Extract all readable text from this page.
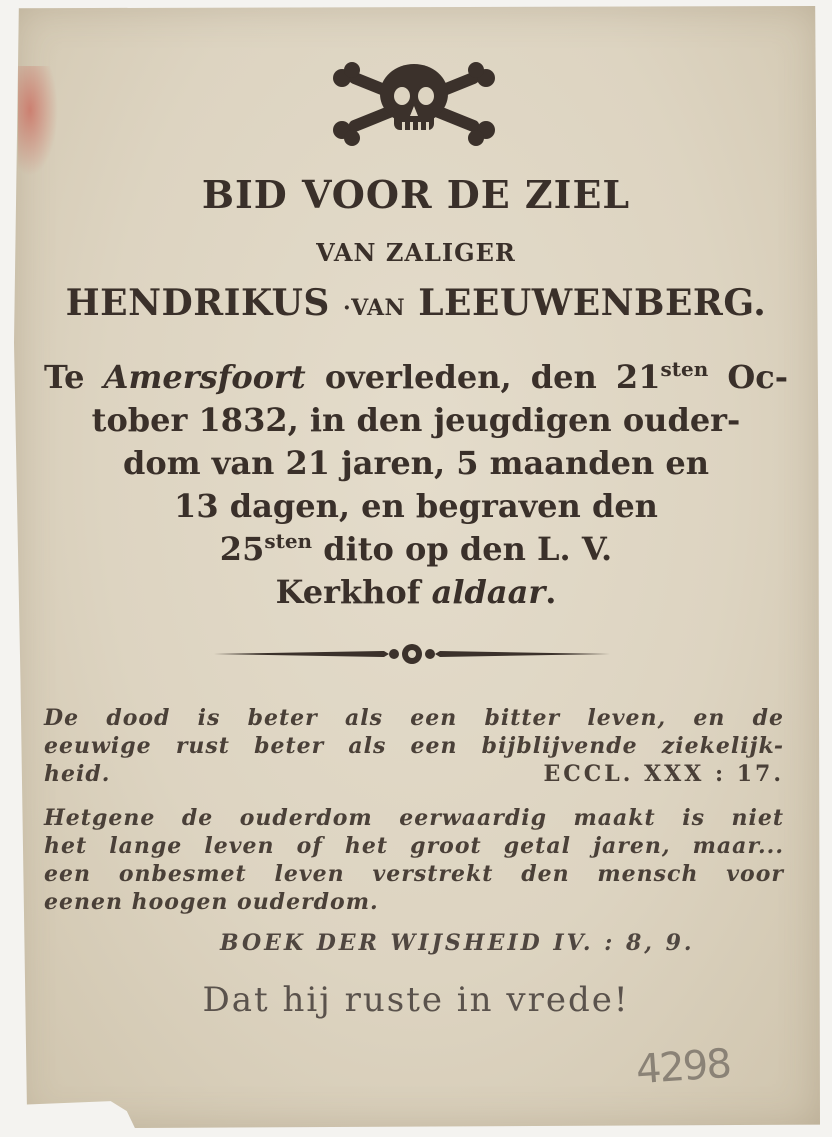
BID VOOR DE ZIEL

VAN ZALIGER

HENDRIKUS ·VAN LEEUWENBERG.

Te Amersfoort overleden, den $21^{sten}$ Oc-
tober 1832, in den jeugdigen ouder-
dom van 21 jaren, 5 maanden en
13 dagen, en begraven den
$25^{sten}$ dito op den L. V.
Kerkhof aldaar.
De dood is beter als een bitter leven, en de
eeuwige rust beter als een bijblijvende ziekelijk-
heid.	ECCL. XXX : 17.
Hetgene de ouderdom eerwaardig maakt is niet
het lange leven of het groot getal jaren, maar...
een onbesmet leven verstrekt den mensch voor
eenen hoogen ouderdom.

BOEK DER WIJSHEID IV. : 8, 9.

Dat hij ruste in vrede!

4298
